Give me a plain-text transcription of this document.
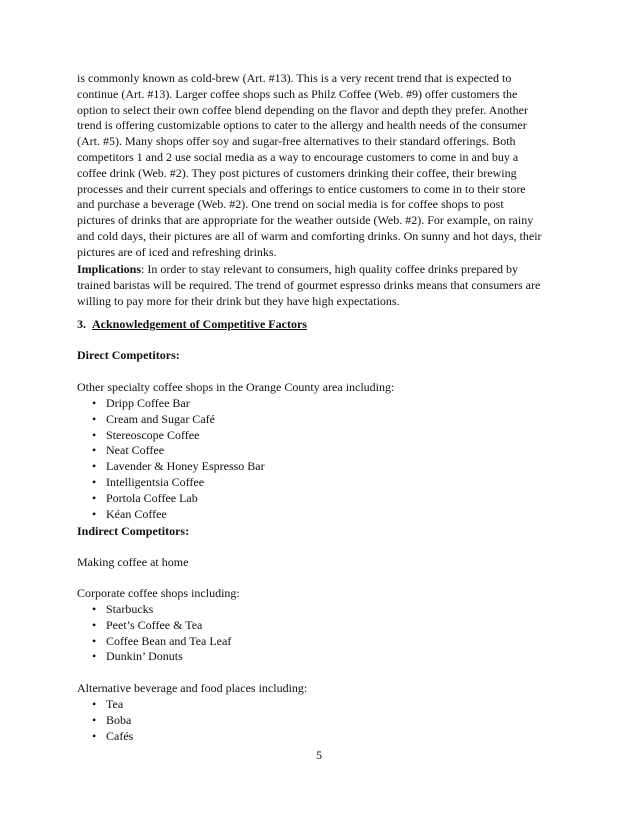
is commonly known as cold-brew (Art. #13). This is a very recent trend that is expected to
continue (Art. #13). Larger coffee shops such as Philz Coffee (Web. #9) offer customers the
option to select their own coffee blend depending on the flavor and depth they prefer. Another
trend is offering customizable options to cater to the allergy and health needs of the consumer
(Art. #5). Many shops offer soy and sugar-free alternatives to their standard offerings. Both
competitors 1 and 2 use social media as a way to encourage customers to come in and buy a
coffee drink (Web. #2). They post pictures of customers drinking their coffee, their brewing
processes and their current specials and offerings to entice customers to come in to their store
and purchase a beverage (Web. #2). One trend on social media is for coffee shops to post
pictures of drinks that are appropriate for the weather outside (Web. #2). For example, on rainy
and cold days, their pictures are all of warm and comforting drinks. On sunny and hot days, their
pictures are of iced and refreshing drinks.
Implications: In order to stay relevant to consumers, high quality coffee drinks prepared by
trained baristas will be required. The trend of gourmet espresso drinks means that consumers are
willing to pay more for their drink but they have high expectations.
3. Acknowledgement of Competitive Factors
Direct Competitors:
Other specialty coffee shops in the Orange County area including:
• Dripp Coffee Bar
• Cream and Sugar Café
• Stereoscope Coffee
• Neat Coffee
• Lavender & Honey Espresso Bar
• Intelligentsia Coffee
• Portola Coffee Lab
• Kéan Coffee
Indirect Competitors:
Making coffee at home
Corporate coffee shops including:
• Starbucks
• Peet’s Coffee & Tea
• Coffee Bean and Tea Leaf
• Dunkin’ Donuts
Alternative beverage and food places including:
• Tea
• Boba
• Cafés
5
